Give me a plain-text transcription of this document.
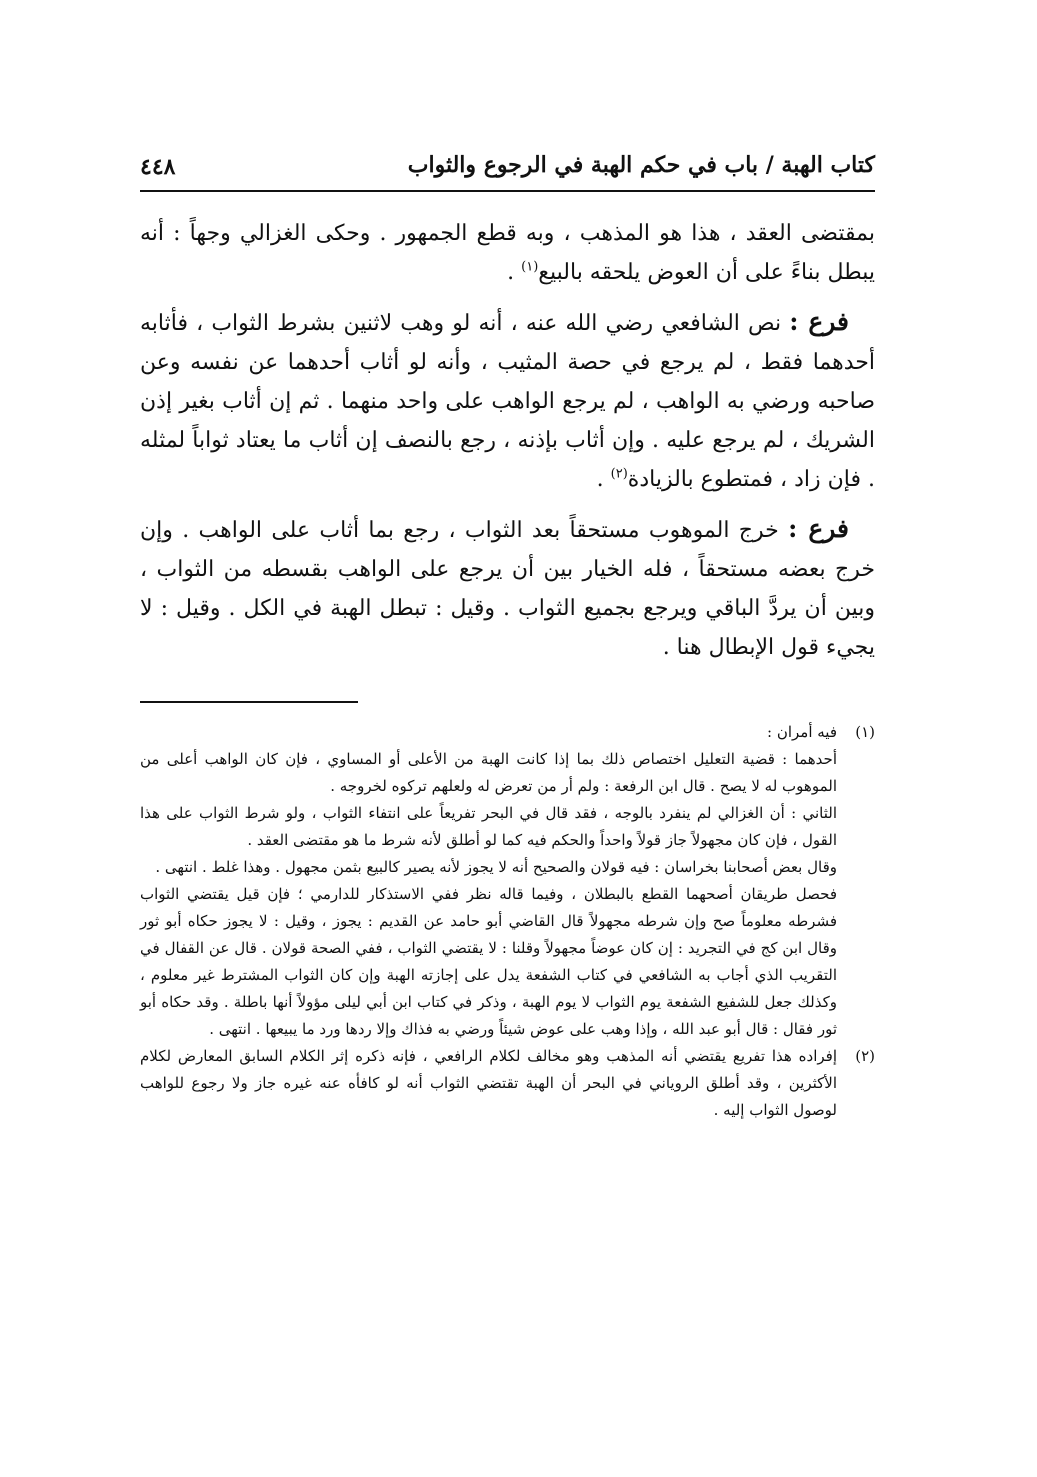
كتاب الهبة / باب في حكم الهبة في الرجوع والثواب
٤٤٨

بمقتضى العقد ، هذا هو المذهب ، وبه قطع الجمهور . وحكى الغزالي وجهاً : أنه يبطل بناءً على أن العوض يلحقه بالبيع$^{(١)}$ .

فرع : نص الشافعي رضي الله عنه ، أنه لو وهب لاثنين بشرط الثواب ، فأثابه أحدهما فقط ، لم يرجع في حصة المثيب ، وأنه لو أثاب أحدهما عن نفسه وعن صاحبه ورضي به الواهب ، لم يرجع الواهب على واحد منهما . ثم إن أثاب بغير إذن الشريك ، لم يرجع عليه . وإن أثاب بإذنه ، رجع بالنصف إن أثاب ما يعتاد ثواباً لمثله . فإن زاد ، فمتطوع بالزيادة$^{(٢)}$ .

فرع : خرج الموهوب مستحقاً بعد الثواب ، رجع بما أثاب على الواهب . وإن خرج بعضه مستحقاً ، فله الخيار بين أن يرجع على الواهب بقسطه من الثواب ، وبين أن يردَّ الباقي ويرجع بجميع الثواب . وقيل : تبطل الهبة في الكل . وقيل : لا يجيء قول الإبطال هنا .

(١)

فيه أمران :

أحدهما : قضية التعليل اختصاص ذلك بما إذا كانت الهبة من الأعلى أو المساوي ، فإن كان الواهب أعلى من الموهوب له لا يصح . قال ابن الرفعة : ولم أر من تعرض له ولعلهم تركوه لخروجه .

الثاني : أن الغزالي لم ينفرد بالوجه ، فقد قال في البحر تفريعاً على انتفاء الثواب ، ولو شرط الثواب على هذا القول ، فإن كان مجهولاً جاز قولاً واحداً والحكم فيه كما لو أطلق لأنه شرط ما هو مقتضى العقد .

وقال بعض أصحابنا بخراسان : فيه قولان والصحيح أنه لا يجوز لأنه يصير كالبيع بثمن مجهول . وهذا غلط . انتهى .

فحصل طريقان أصحهما القطع بالبطلان ، وفيما قاله نظر ففي الاستذكار للدارمي ؛ فإن قيل يقتضي الثواب فشرطه معلوماً صح وإن شرطه مجهولاً قال القاضي أبو حامد عن القديم : يجوز ، وقيل : لا يجوز حكاه أبو ثور وقال ابن كج في التجريد : إن كان عوضاً مجهولاً وقلنا : لا يقتضي الثواب ، ففي الصحة قولان . قال عن القفال في التقريب الذي أجاب به الشافعي في كتاب الشفعة يدل على إجازته الهبة وإن كان الثواب المشترط غير معلوم ، وكذلك جعل للشفيع الشفعة يوم الثواب لا يوم الهبة ، وذكر في كتاب ابن أبي ليلى مؤولاً أنها باطلة . وقد حكاه أبو ثور فقال : قال أبو عبد الله ، وإذا وهب على عوض شيئاً ورضي به فذاك وإلا ردها ورد ما يبيعها . انتهى .

(٢)

إفراده هذا تفريع يقتضي أنه المذهب وهو مخالف لكلام الرافعي ، فإنه ذكره إثر الكلام السابق المعارض لكلام الأكثرين ، وقد أطلق الروياني في البحر أن الهبة تقتضي الثواب أنه لو كافأه عنه غيره جاز ولا رجوع للواهب لوصول الثواب إليه .
